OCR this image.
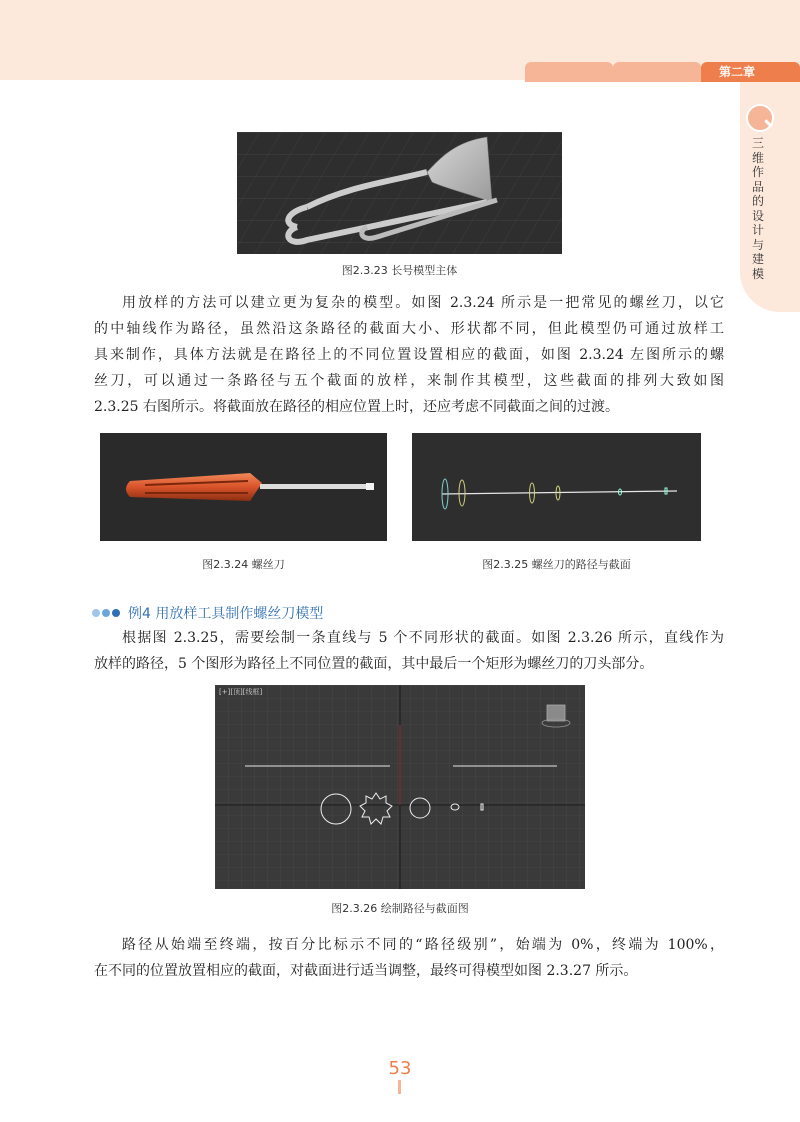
第二章
三维作品的设计与建模
图2.3.23 长号模型主体
用放样的方法可以建立更为复杂的模型。如图 2.3.24 所示是一把常见的螺丝刀，以它
的中轴线作为路径，虽然沿这条路径的截面大小、形状都不同，但此模型仍可通过放样工
具来制作，具体方法就是在路径上的不同位置设置相应的截面，如图 2.3.24 左图所示的螺
丝刀，可以通过一条路径与五个截面的放样，来制作其模型，这些截面的排列大致如图
2.3.25 右图所示。将截面放在路径的相应位置上时，还应考虑不同截面之间的过渡。
图2.3.24 螺丝刀	图2.3.25 螺丝刀的路径与截面
例4 用放样工具制作螺丝刀模型
根据图 2.3.25，需要绘制一条直线与 5 个不同形状的截面。如图 2.3.26 所示，直线作为
放样的路径，5 个图形为路径上不同位置的截面，其中最后一个矩形为螺丝刀的刀头部分。
[+][顶][线框]
图2.3.26 绘制路径与截面图
路径从始端至终端，按百分比标示不同的“路径级别”，始端为 0%，终端为 100%，
在不同的位置放置相应的截面，对截面进行适当调整，最终可得模型如图 2.3.27 所示。
53
